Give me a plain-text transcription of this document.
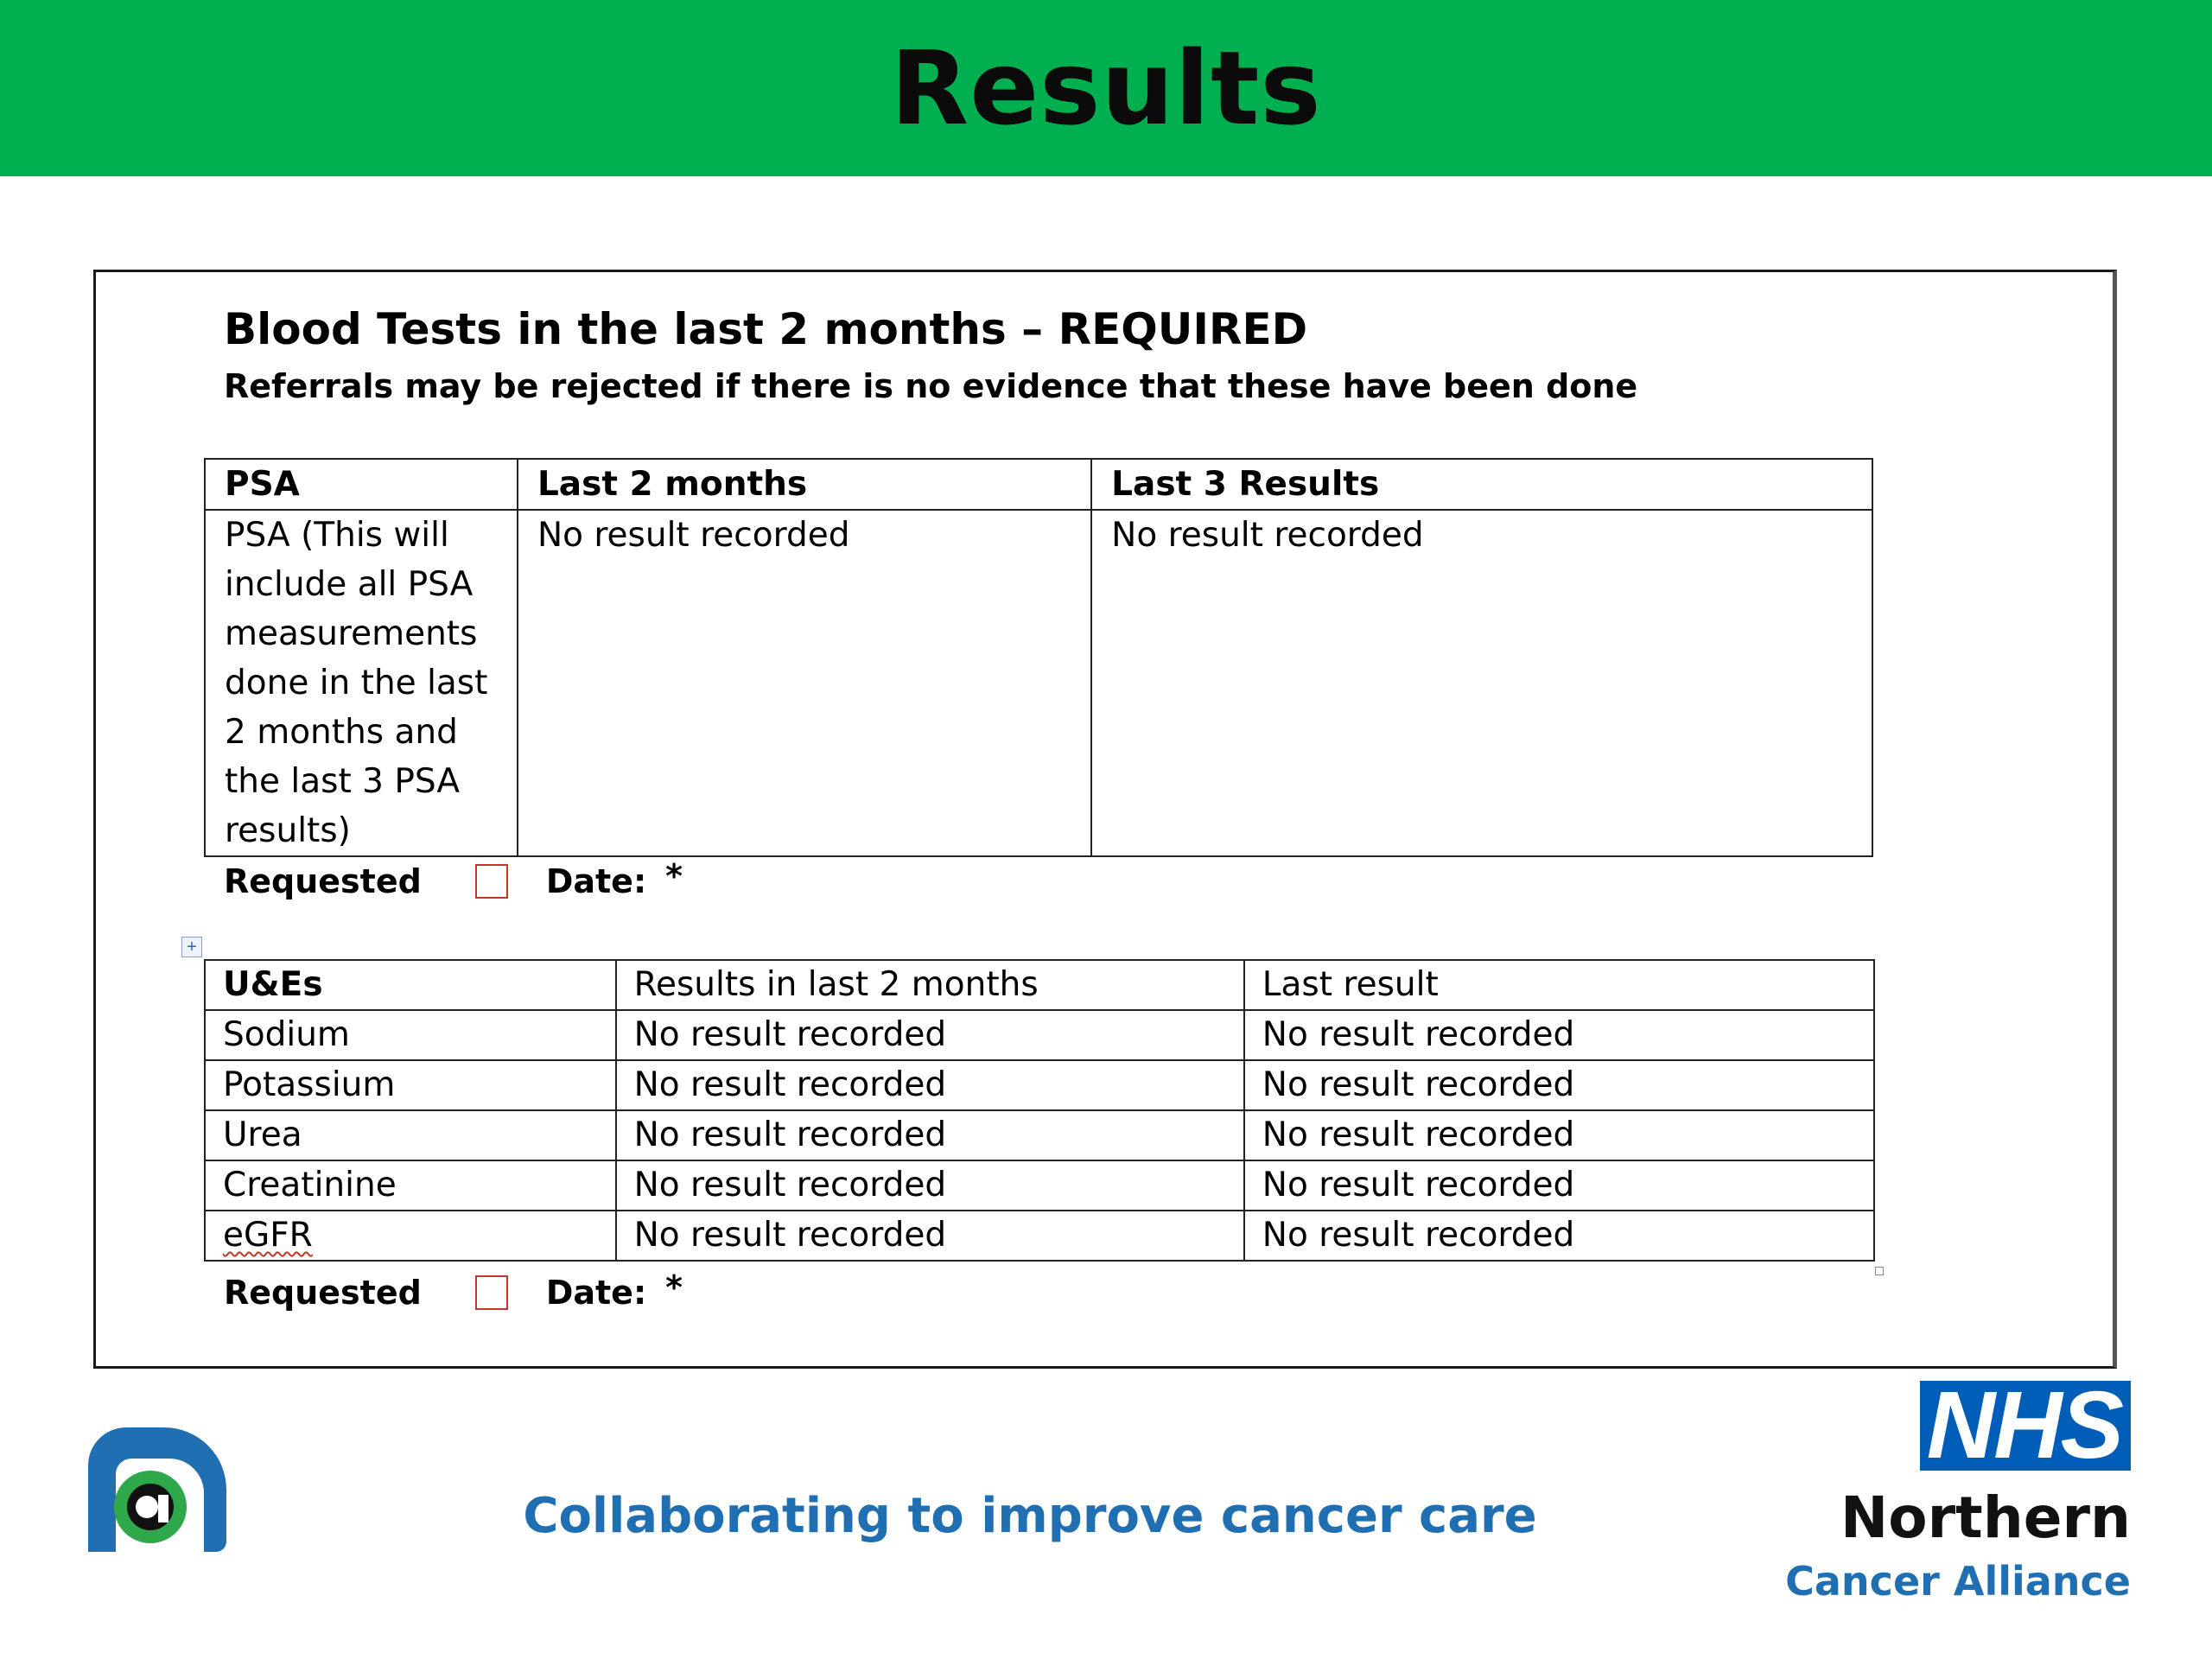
Results
Blood Tests in the last 2 months – REQUIRED
Referrals may be rejected if there is no evidence that these have been done
PSA	Last 2 months	Last 3 Results
PSA (This will include all PSA measurements done in the last 2 months and the last 3 PSA results)	No result recorded	No result recorded
Requested	Date: *
+
U&Es	Results in last 2 months	Last result
Sodium	No result recorded	No result recorded
Potassium	No result recorded	No result recorded
Urea	No result recorded	No result recorded
Creatinine	No result recorded	No result recorded
eGFR	No result recorded	No result recorded
Requested	Date: *
Collaborating to improve cancer care
NHS
Northern
Cancer Alliance
